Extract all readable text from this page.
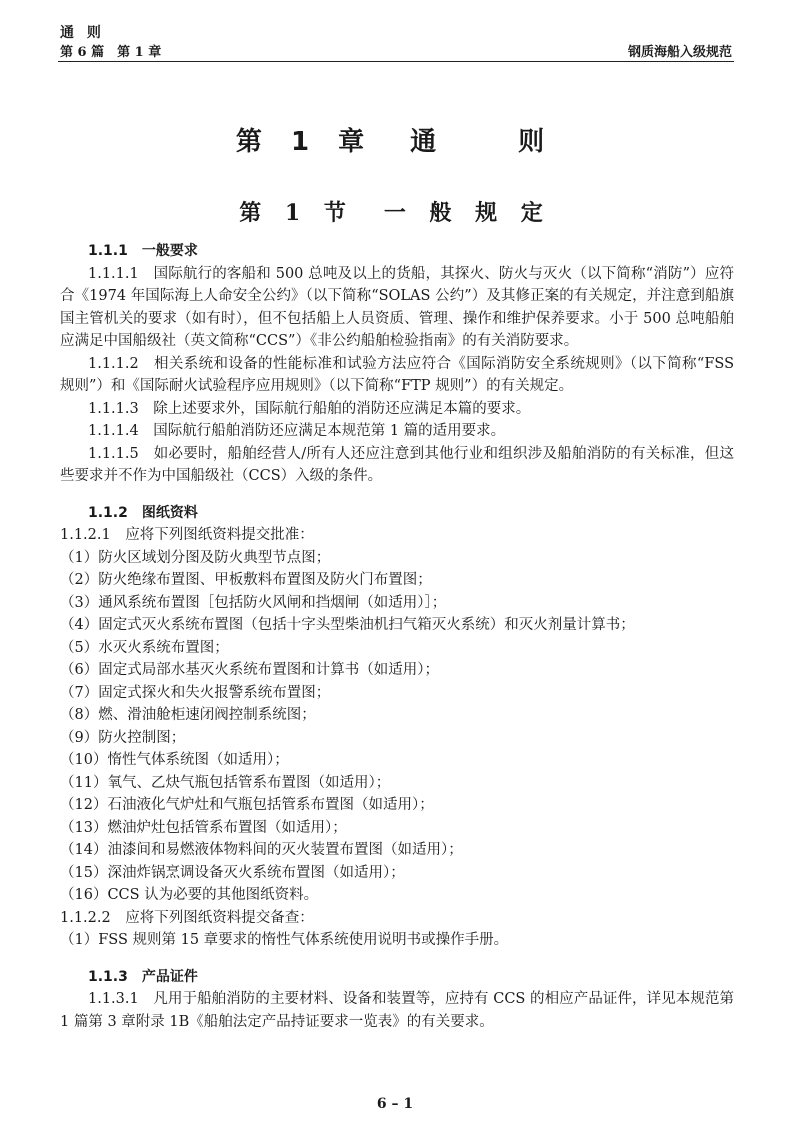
通 则
第 6 篇　第 1 章	钢质海船入级规范
第 1 章　通　　则
第 1 节　一 般 规 定
1.1.1　一般要求

1.1.1.1　国际航行的客船和 500 总吨及以上的货船，其探火、防火与灭火（以下简称“消防”）应符合《1974 年国际海上人命安全公约》（以下简称“SOLAS 公约”）及其修正案的有关规定，并注意到船旗国主管机关的要求（如有时），但不包括船上人员资质、管理、操作和维护保养要求。小于 500 总吨船舶应满足中国船级社（英文简称“CCS”）《非公约船舶检验指南》的有关消防要求。

1.1.1.2　相关系统和设备的性能标准和试验方法应符合《国际消防安全系统规则》（以下简称“FSS 规则”）和《国际耐火试验程序应用规则》（以下简称“FTP 规则”）的有关规定。

1.1.1.3　除上述要求外，国际航行船舶的消防还应满足本篇的要求。

1.1.1.4　国际航行船舶消防还应满足本规范第 1 篇的适用要求。

1.1.1.5　如必要时，船舶经营人/所有人还应注意到其他行业和组织涉及船舶消防的有关标准，但这些要求并不作为中国船级社（CCS）入级的条件。

1.1.2　图纸资料

1.1.2.1　应将下列图纸资料提交批准：

（1）防火区域划分图及防火典型节点图；

（2）防火绝缘布置图、甲板敷料布置图及防火门布置图；

（3）通风系统布置图［包括防火风闸和挡烟闸（如适用）］；

（4）固定式灭火系统布置图（包括十字头型柴油机扫气箱灭火系统）和灭火剂量计算书；

（5）水灭火系统布置图；

（6）固定式局部水基灭火系统布置图和计算书（如适用）；

（7）固定式探火和失火报警系统布置图；

（8）燃、滑油舱柜速闭阀控制系统图；

（9）防火控制图；

（10）惰性气体系统图（如适用）；

（11）氧气、乙炔气瓶包括管系布置图（如适用）；

（12）石油液化气炉灶和气瓶包括管系布置图（如适用）；

（13）燃油炉灶包括管系布置图（如适用）；

（14）油漆间和易燃液体物料间的灭火装置布置图（如适用）；

（15）深油炸锅烹调设备灭火系统布置图（如适用）；

（16）CCS 认为必要的其他图纸资料。

1.1.2.2　应将下列图纸资料提交备查：

（1）FSS 规则第 15 章要求的惰性气体系统使用说明书或操作手册。

1.1.3　产品证件

1.1.3.1　凡用于船舶消防的主要材料、设备和装置等，应持有 CCS 的相应产品证件，详见本规范第 1 篇第 3 章附录 1B《船舶法定产品持证要求一览表》的有关要求。

6 – 1
